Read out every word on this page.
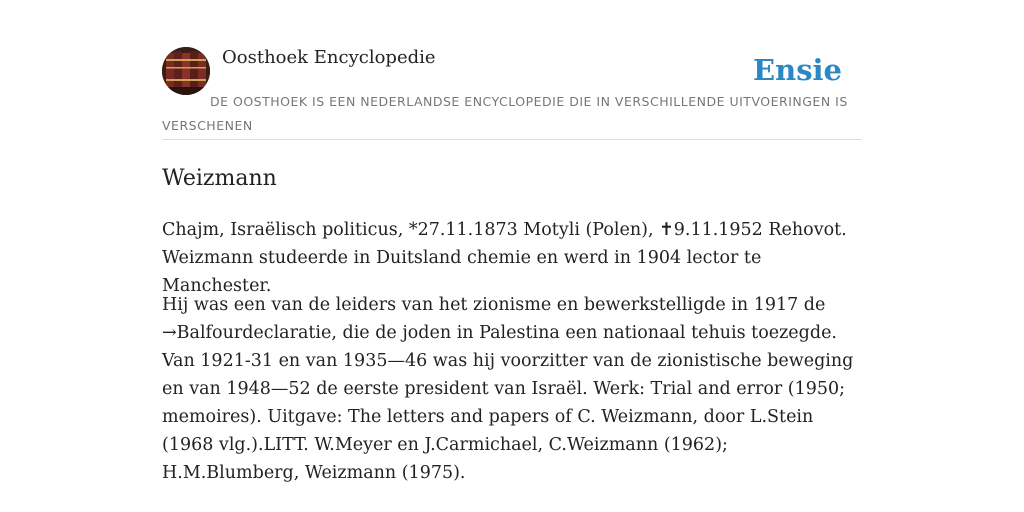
Oosthoek Encyclopedie	Ensie
DE OOSTHOEK IS EEN NEDERLANDSE ENCYCLOPEDIE DIE IN VERSCHILLENDE UITVOERINGEN IS VERSCHENEN
Weizmann

Chajm, Israëlisch politicus, *27.11.1873 Motyli (Polen), ✝9.11.1952 Rehovot. Weizmann studeerde in Duitsland chemie en werd in 1904 lector te Manchester.

Hij was een van de leiders van het zionisme en bewerkstelligde in 1917 de →Balfourdeclaratie, die de joden in Palestina een nationaal tehuis toezegde. Van 1921-31 en van 1935—46 was hij voorzitter van de zionistische beweging en van 1948—52 de eerste president van Israël. Werk: Trial and error (1950; memoires). Uitgave: The letters and papers of C. Weizmann, door L.Stein (1968 vlg.).LITT. W.Meyer en J.Carmichael, C.Weizmann (1962); H.M.Blumberg, Weizmann (1975).
